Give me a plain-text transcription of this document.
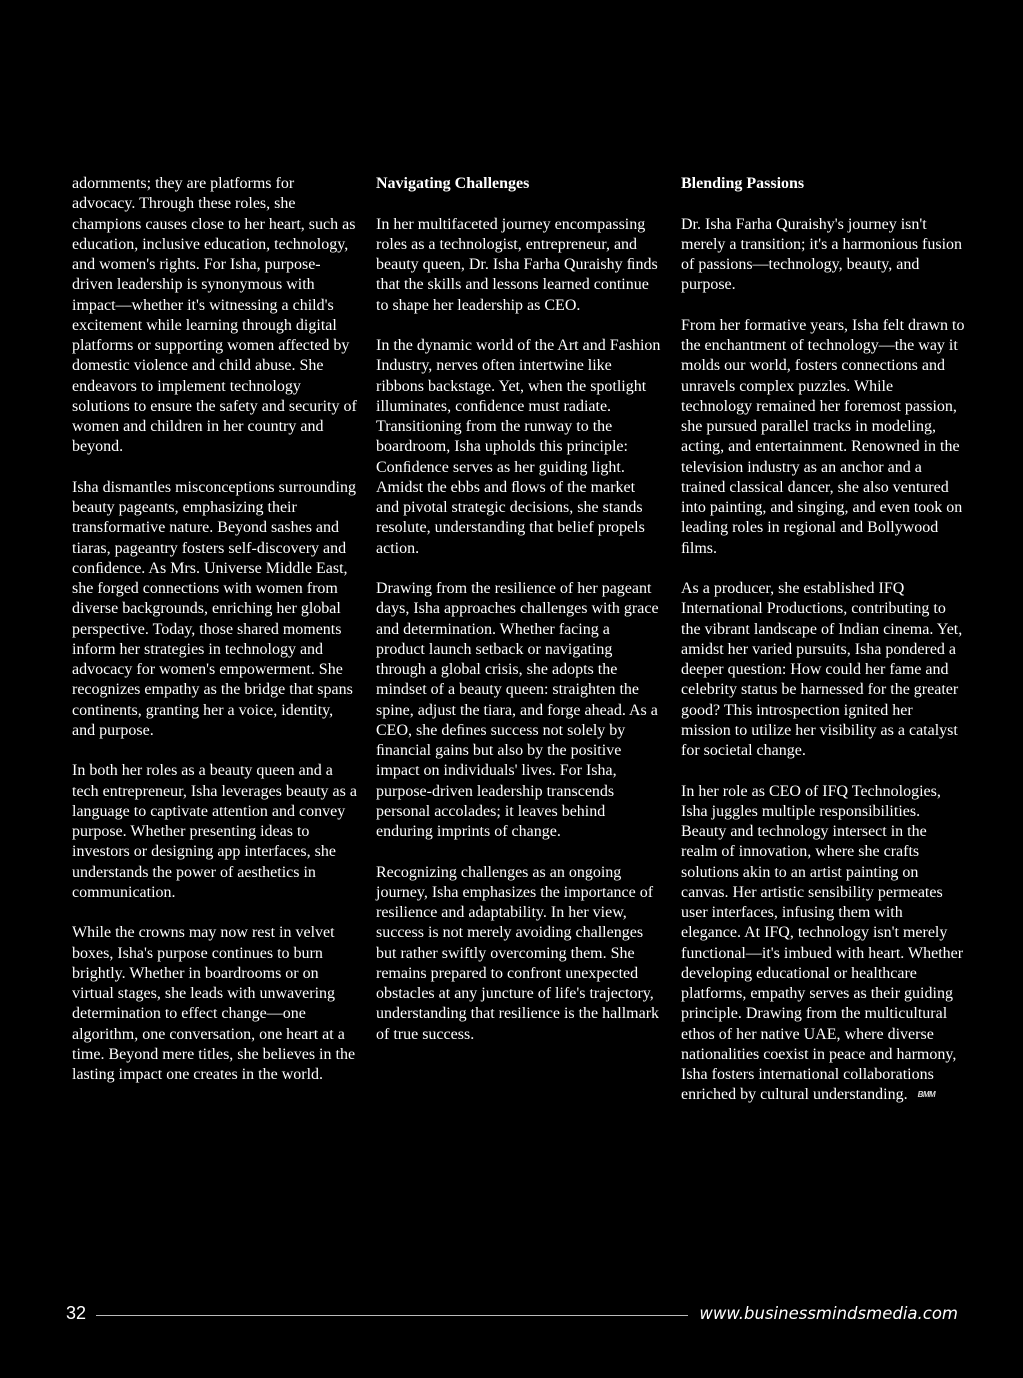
adornments; they are platforms for advocacy. Through these roles, she champions causes close to her heart, such as education, inclusive education, technology, and women's rights. For Isha, purpose-driven leadership is synonymous with impact—whether it's witnessing a child's excitement while learning through digital platforms or supporting women affected by domestic violence and child abuse. She endeavors to implement technology solutions to ensure the safety and security of women and children in her country and beyond.

Isha dismantles misconceptions surrounding beauty pageants, emphasizing their transformative nature. Beyond sashes and tiaras, pageantry fosters self-discovery and conﬁdence. As Mrs. Universe Middle East, she forged connections with women from diverse backgrounds, enriching her global perspective. Today, those shared moments inform her strategies in technology and advocacy for women's empowerment. She recognizes empathy as the bridge that spans continents, granting her a voice, identity, and purpose.

In both her roles as a beauty queen and a tech entrepreneur, Isha leverages beauty as a language to captivate attention and convey purpose. Whether presenting ideas to investors or designing app interfaces, she understands the power of aesthetics in communication.

While the crowns may now rest in velvet boxes, Isha's purpose continues to burn brightly. Whether in boardrooms or on virtual stages, she leads with unwavering determination to effect change—one algorithm, one conversation, one heart at a time. Beyond mere titles, she believes in the lasting impact one creates in the world.

Navigating Challenges

In her multifaceted journey encompassing roles as a technologist, entrepreneur, and beauty queen, Dr. Isha Farha Quraishy ﬁnds that the skills and lessons learned continue to shape her leadership as CEO.

In the dynamic world of the Art and Fashion Industry, nerves often intertwine like ribbons backstage. Yet, when the spotlight illuminates, conﬁdence must radiate. Transitioning from the runway to the boardroom, Isha upholds this principle: Conﬁdence serves as her guiding light. Amidst the ebbs and ﬂows of the market and pivotal strategic decisions, she stands resolute, understanding that belief propels action.

Drawing from the resilience of her pageant days, Isha approaches challenges with grace and determination. Whether facing a product launch setback or navigating through a global crisis, she adopts the mindset of a beauty queen: straighten the spine, adjust the tiara, and forge ahead. As a CEO, she deﬁnes success not solely by ﬁnancial gains but also by the positive impact on individuals' lives. For Isha, purpose-driven leadership transcends personal accolades; it leaves behind enduring imprints of change.

Recognizing challenges as an ongoing journey, Isha emphasizes the importance of resilience and adaptability. In her view, success is not merely avoiding challenges but rather swiftly overcoming them. She remains prepared to confront unexpected obstacles at any juncture of life's trajectory, understanding that resilience is the hallmark of true success.

Blending Passions

Dr. Isha Farha Quraishy's journey isn't merely a transition; it's a harmonious fusion of passions—technology, beauty, and purpose.

From her formative years, Isha felt drawn to the enchantment of technology—the way it molds our world, fosters connections and unravels complex puzzles. While technology remained her foremost passion, she pursued parallel tracks in modeling, acting, and entertainment. Renowned in the television industry as an anchor and a trained classical dancer, she also ventured into painting, and singing, and even took on leading roles in regional and Bollywood ﬁlms.

As a producer, she established IFQ International Productions, contributing to the vibrant landscape of Indian cinema. Yet, amidst her varied pursuits, Isha pondered a deeper question: How could her fame and celebrity status be harnessed for the greater good? This introspection ignited her mission to utilize her visibility as a catalyst for societal change.

In her role as CEO of IFQ Technologies, Isha juggles multiple responsibilities. Beauty and technology intersect in the realm of innovation, where she crafts solutions akin to an artist painting on canvas. Her artistic sensibility permeates user interfaces, infusing them with elegance. At IFQ, technology isn't merely functional—it's imbued with heart. Whether developing educational or healthcare platforms, empathy serves as their guiding principle. Drawing from the multicultural ethos of her native UAE, where diverse nationalities coexist in peace and harmony, Isha fosters international collaborations enriched by cultural understanding. BMM

32	www.businessmindsmedia.com
